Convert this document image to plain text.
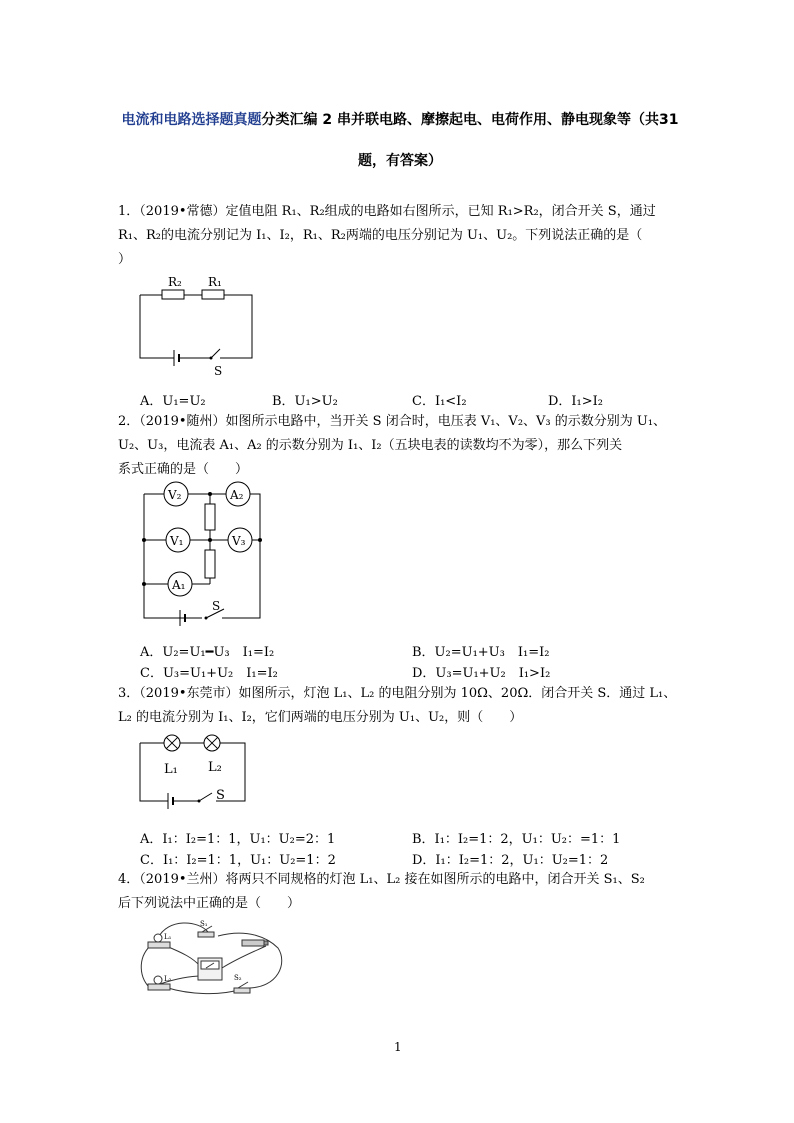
电流和电路选择题真题分类汇编 2 串并联电路、摩擦起电、电荷作用、静电现象等（共31
题，有答案）
1．（2019•常德）定值电阻 R₁、R₂组成的电路如右图所示，已知 R₁>R₂，闭合开关 S，通过
R₁、R₂的电流分别记为 I₁、I₂，R₁、R₂两端的电压分别记为 U₁、U₂。下列说法正确的是（
）
R₂ R₁
S
A．U₁=U₂	B．U₁>U₂	C．I₁<I₂	D．I₁>I₂
2．（2019•随州）如图所示电路中，当开关 S 闭合时，电压表 V₁、V₂、V₃ 的示数分别为 U₁、
U₂、U₃，电流表 A₁、A₂ 的示数分别为 I₁、I₂（五块电表的读数均不为零），那么下列关
系式正确的是（　　）
V₂	A₂
V₁	V₃
A₁
S
A．U₂=U₁━U₃　I₁=I₂	B．U₂=U₁+U₃　I₁=I₂
C．U₃=U₁+U₂　I₁=I₂	D．U₃=U₁+U₂　I₁>I₂
3．（2019•东莞市）如图所示，灯泡 L₁、L₂ 的电阻分别为 10Ω、20Ω．闭合开关 S．通过 L₁、
L₂ 的电流分别为 I₁、I₂，它们两端的电压分别为 U₁、U₂，则（　　）
L₁ L₂
S
A．I₁：I₂=1：1，U₁：U₂=2：1	B．I₁：I₂=1：2，U₁：U₂：=1：1
C．I₁：I₂=1：1，U₁：U₂=1：2	D．I₁：I₂=1：2，U₁：U₂=1：2
4．（2019•兰州）将两只不同规格的灯泡 L₁、L₂ 接在如图所示的电路中，闭合开关 S₁、S₂
后下列说法中正确的是（　　）
L₁
S₁
L₂	S₂
1
